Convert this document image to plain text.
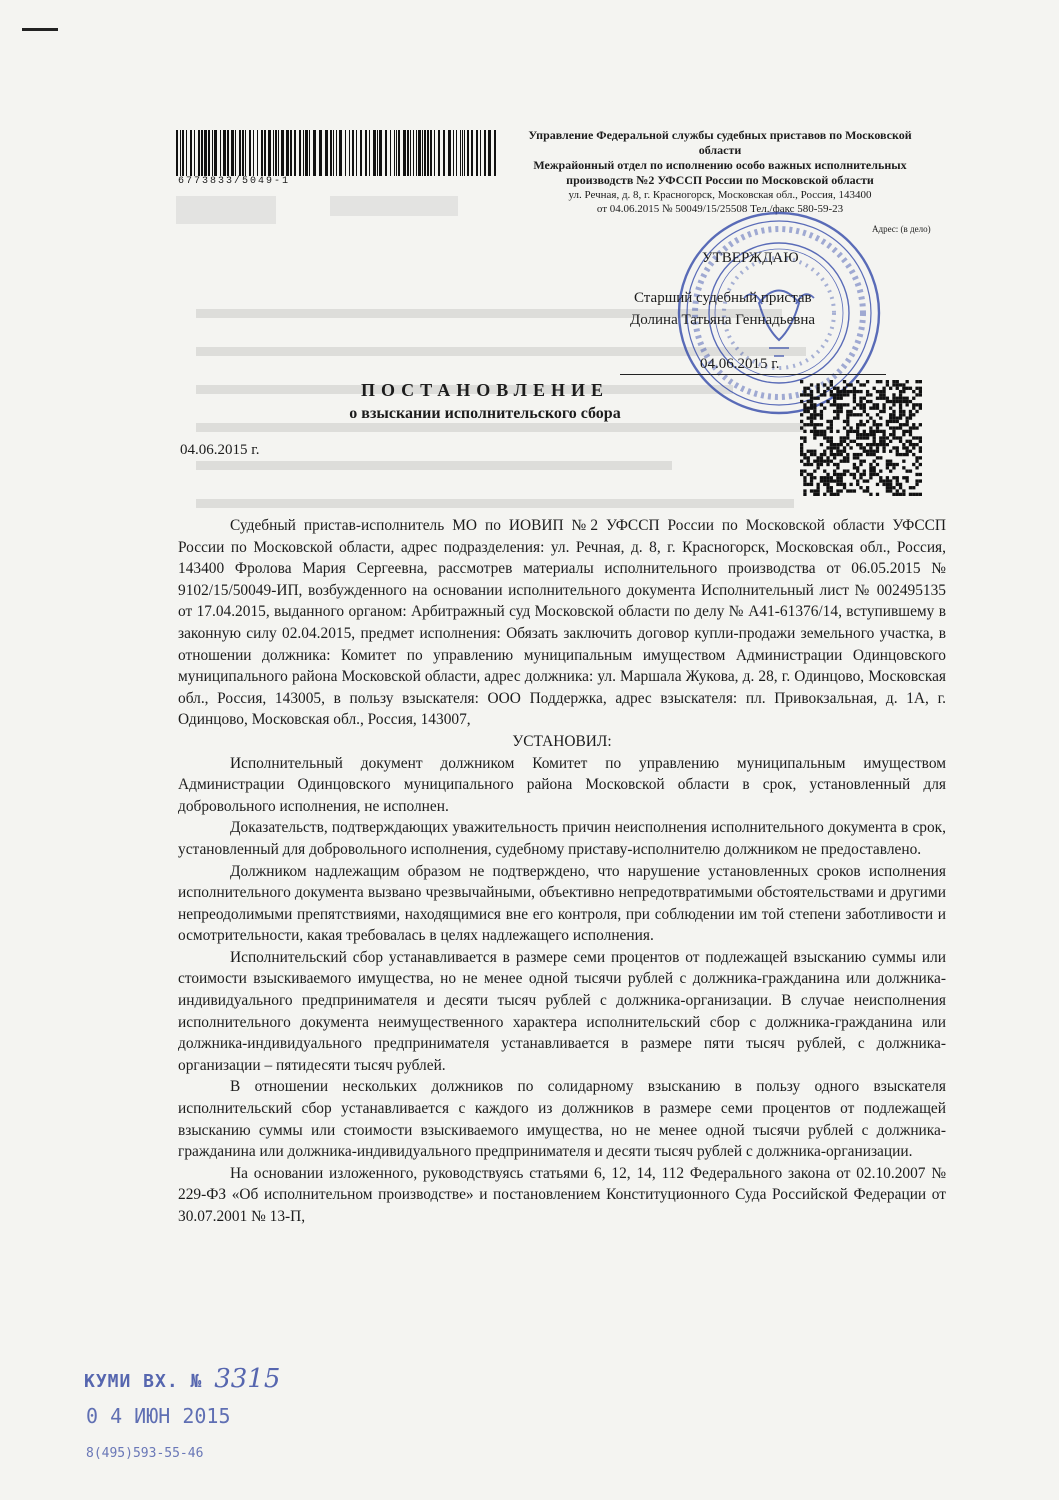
6773833/5049-1
Управление Федеральной службы судебных приставов по Московской
области
Межрайонный отдел по исполнению особо важных исполнительных
производств №2 УФССП России по Московской области
ул. Речная, д. 8, г. Красногорск, Московская обл., Россия, 143400
от 04.06.2015 № 50049/15/25508 Тел./факс 580-59-23
Адрес: (в дело)
УТВЕРЖДАЮ
Старший судебный пристав
Долина Татьяна Геннадьевна
04.06.2015 г.
ПОСТАНОВЛЕНИЕ
о взыскании исполнительского сбора
04.06.2015 г.

Судебный пристав-исполнитель МО по ИОВИП №2 УФССП России по Московской области УФССП России по Московской области, адрес подразделения: ул. Речная, д. 8, г. Красногорск, Московская обл., Россия, 143400 Фролова Мария Сергеевна, рассмотрев материалы исполнительного производства от 06.05.2015 № 9102/15/50049-ИП, возбужденного на основании исполнительного документа Исполнительный лист № 002495135 от 17.04.2015, выданного органом: Арбитражный суд Московской области по делу № А41-61376/14, вступившему в законную силу 02.04.2015, предмет исполнения: Обязать заключить договор купли-продажи земельного участка, в отношении должника: Комитет по управлению муниципальным имуществом Администрации Одинцовского муниципального района Московской области, адрес должника: ул. Маршала Жукова, д. 28, г. Одинцово, Московская обл., Россия, 143005, в пользу взыскателя: ООО Поддержка, адрес взыскателя: пл. Привокзальная, д. 1А, г. Одинцово, Московская обл., Россия, 143007,

УСТАНОВИЛ:

Исполнительный документ должником Комитет по управлению муниципальным имуществом Администрации Одинцовского муниципального района Московской области в срок, установленный для добровольного исполнения, не исполнен.

Доказательств, подтверждающих уважительность причин неисполнения исполнительного документа в срок, установленный для добровольного исполнения, судебному приставу-исполнителю должником не предоставлено.

Должником надлежащим образом не подтверждено, что нарушение установленных сроков исполнения исполнительного документа вызвано чрезвычайными, объективно непредотвратимыми обстоятельствами и другими непреодолимыми препятствиями, находящимися вне его контроля, при соблюдении им той степени заботливости и осмотрительности, какая требовалась в целях надлежащего исполнения.

Исполнительский сбор устанавливается в размере семи процентов от подлежащей взысканию суммы или стоимости взыскиваемого имущества, но не менее одной тысячи рублей с должника-гражданина или должника-индивидуального предпринимателя и десяти тысяч рублей с должника-организации. В случае неисполнения исполнительного документа неимущественного характера исполнительский сбор с должника-гражданина или должника-индивидуального предпринимателя устанавливается в размере пяти тысяч рублей, с должника-организации – пятидесяти тысяч рублей.

В отношении нескольких должников по солидарному взысканию в пользу одного взыскателя исполнительский сбор устанавливается с каждого из должников в размере семи процентов от подлежащей взысканию суммы или стоимости взыскиваемого имущества, но не менее одной тысячи рублей с должника-гражданина или должника-индивидуального предпринимателя и десяти тысяч рублей с должника-организации.

На основании изложенного, руководствуясь статьями 6, 12, 14, 112 Федерального закона от 02.10.2007 № 229-ФЗ «Об исполнительном производстве» и постановлением Конституционного Суда Российской Федерации от 30.07.2001 № 13-П,

КУМИ ВХ. № 3315
0 4 ИЮН 2015
8(495)593-55-46
